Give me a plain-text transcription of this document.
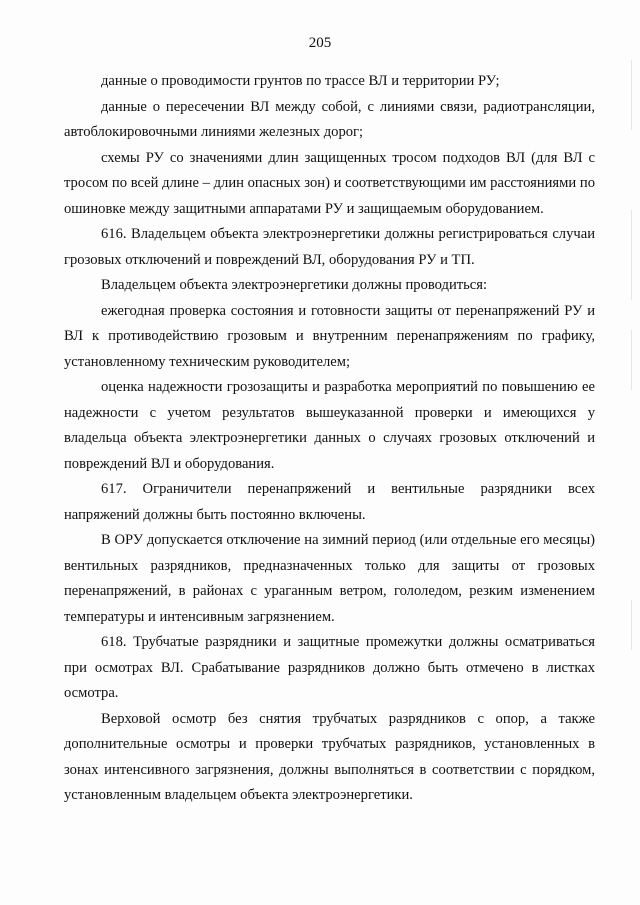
205

данные о проводимости грунтов по трассе ВЛ и территории РУ;

данные о пересечении ВЛ между собой, с линиями связи, радиотрансляции, автоблокировочными линиями железных дорог;

схемы РУ со значениями длин защищенных тросом подходов ВЛ (для ВЛ с тросом по всей длине – длин опасных зон) и соответствующими им расстояниями по ошиновке между защитными аппаратами РУ и защищаемым оборудованием.

616. Владельцем объекта электроэнергетики должны регистрироваться случаи грозовых отключений и повреждений ВЛ, оборудования РУ и ТП.

Владельцем объекта электроэнергетики должны проводиться:

ежегодная проверка состояния и готовности защиты от перенапряжений РУ и ВЛ к противодействию грозовым и внутренним перенапряжениям по графику, установленному техническим руководителем;

оценка надежности грозозащиты и разработка мероприятий по повышению ее надежности с учетом результатов вышеуказанной проверки и имеющихся у владельца объекта электроэнергетики данных о случаях грозовых отключений и повреждений ВЛ и оборудования.

617. Ограничители перенапряжений и вентильные разрядники всех напряжений должны быть постоянно включены.

В ОРУ допускается отключение на зимний период (или отдельные его месяцы) вентильных разрядников, предназначенных только для защиты от грозовых перенапряжений, в районах с ураганным ветром, гололедом, резким изменением температуры и интенсивным загрязнением.

618. Трубчатые разрядники и защитные промежутки должны осматриваться при осмотрах ВЛ. Срабатывание разрядников должно быть отмечено в листках осмотра.

Верховой осмотр без снятия трубчатых разрядников с опор, а также дополнительные осмотры и проверки трубчатых разрядников, установленных в зонах интенсивного загрязнения, должны выполняться в соответствии с порядком, установленным владельцем объекта электроэнергетики.
